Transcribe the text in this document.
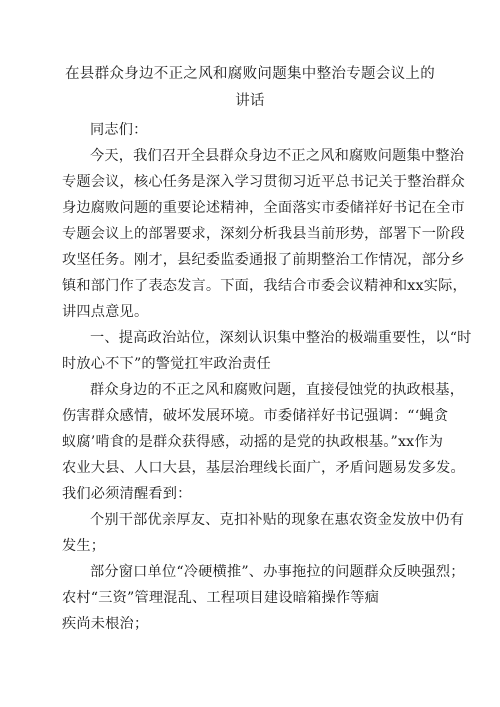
在县群众身边不正之风和腐败问题集中整治专题会议上的
讲话
同志们：
今天，我们召开全县群众身边不正之风和腐败问题集中整治
专题会议，核心任务是深入学习贯彻习近平总书记关于整治群众
身边腐败问题的重要论述精神，全面落实市委储祥好书记在全市
专题会议上的部署要求，深刻分析我县当前形势，部署下一阶段
攻坚任务。刚才，县纪委监委通报了前期整治工作情况，部分乡
镇和部门作了表态发言。下面，我结合市委会议精神和xx实际，
讲四点意见。
一、提高政治站位，深刻认识集中整治的极端重要性，以“时
时放心不下”的警觉扛牢政治责任
群众身边的不正之风和腐败问题，直接侵蚀党的执政根基，
伤害群众感情，破坏发展环境。市委储祥好书记强调：“‘蝇贪
蚁腐’啃食的是群众获得感，动摇的是党的执政根基。”xx作为
农业大县、人口大县，基层治理线长面广，矛盾问题易发多发。
我们必须清醒看到：
个别干部优亲厚友、克扣补贴的现象在惠农资金发放中仍有
发生；
部分窗口单位“冷硬横推”、办事拖拉的问题群众反映强烈；
农村“三资”管理混乱、工程项目建设暗箱操作等痼
疾尚未根治；
